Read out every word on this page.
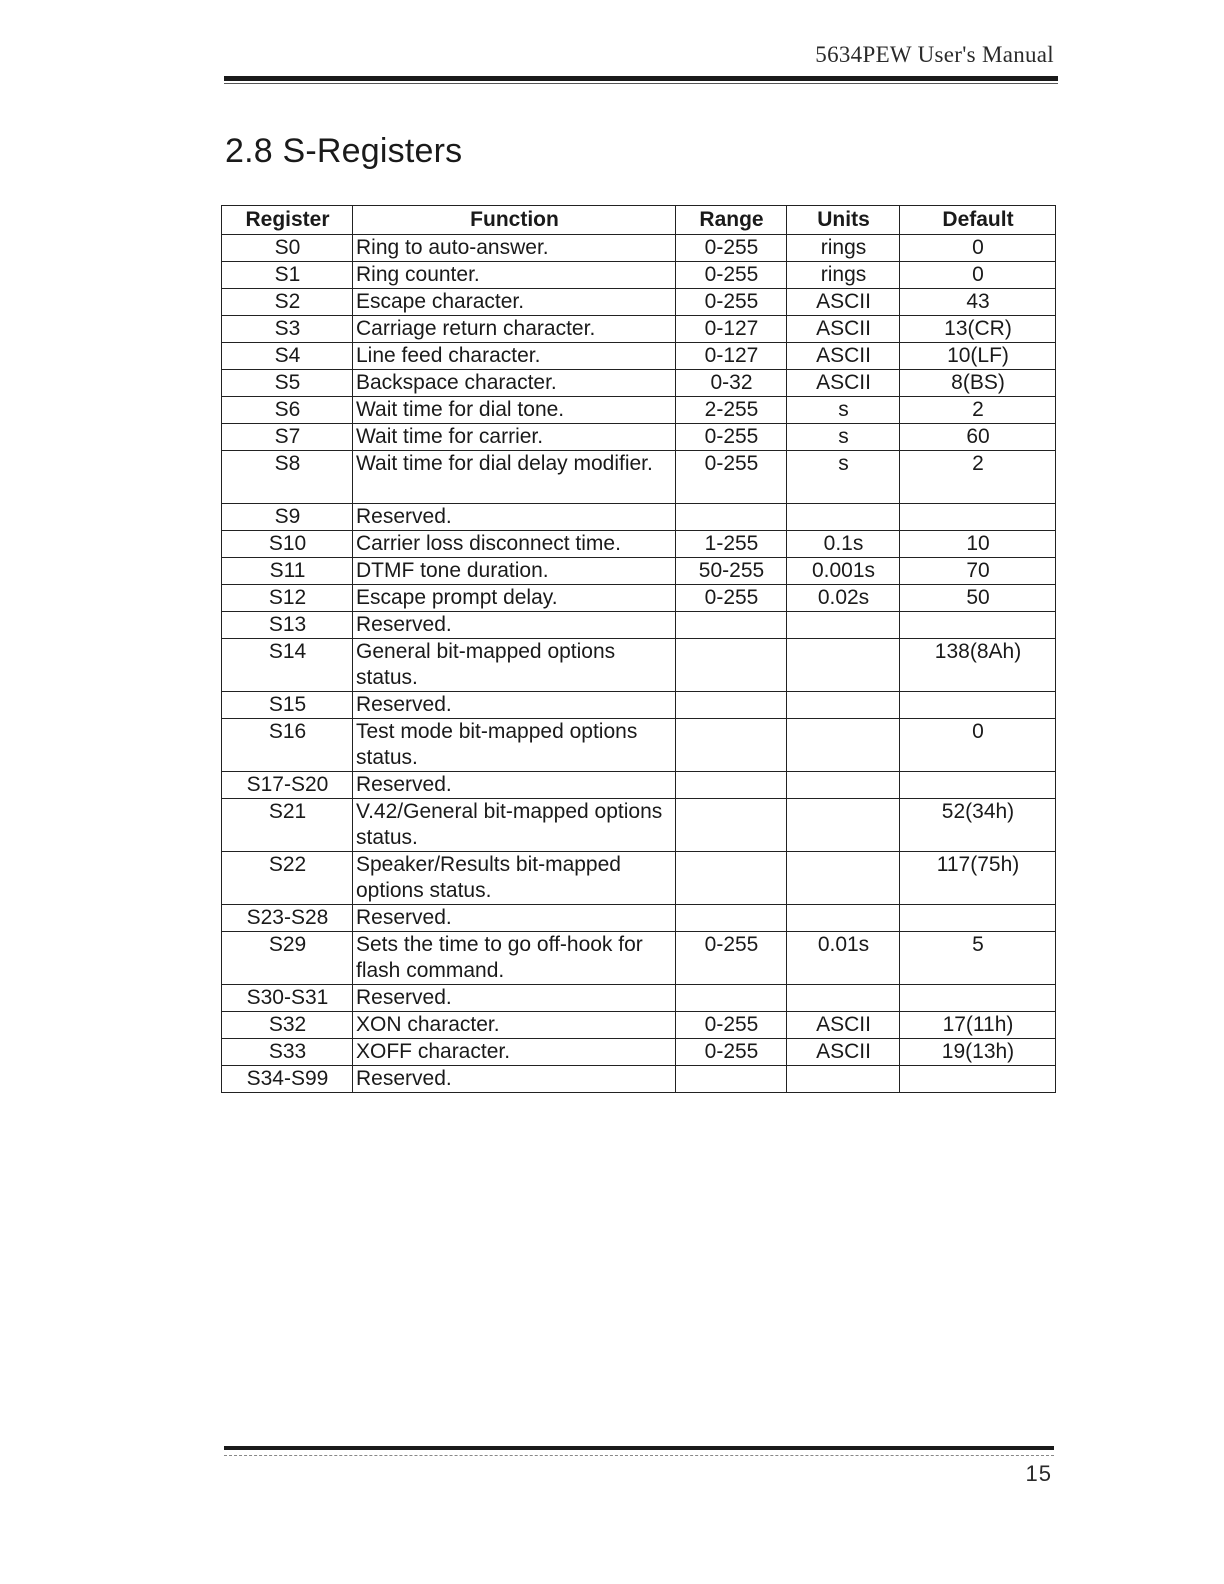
5634PEW User's Manual
2.8 S-Registers
Register	Function	Range	Units	Default
S0	Ring to auto-answer.	0-255	rings	0
S1	Ring counter.	0-255	rings	0
S2	Escape character.	0-255	ASCII	43
S3	Carriage return character.	0-127	ASCII	13(CR)
S4	Line feed character.	0-127	ASCII	10(LF)
S5	Backspace character.	0-32	ASCII	8(BS)
S6	Wait time for dial tone.	2-255	s	2
S7	Wait time for carrier.	0-255	s	60
S8	Wait time for dial delay modifier.	0-255	s	2
S9	Reserved.			
S10	Carrier loss disconnect time.	1-255	0.1s	10
S11	DTMF tone duration.	50-255	0.001s	70
S12	Escape prompt delay.	0-255	0.02s	50
S13	Reserved.			
S14	General bit-mapped options status.			138(8Ah)
S15	Reserved.			
S16	Test mode bit-mapped options status.			0
S17-S20	Reserved.			
S21	V.42/General bit-mapped options status.			52(34h)
S22	Speaker/Results bit-mapped options status.			117(75h)
S23-S28	Reserved.			
S29	Sets the time to go off-hook for flash command.	0-255	0.01s	5
S30-S31	Reserved.			
S32	XON character.	0-255	ASCII	17(11h)
S33	XOFF character.	0-255	ASCII	19(13h)
S34-S99	Reserved.			
15
